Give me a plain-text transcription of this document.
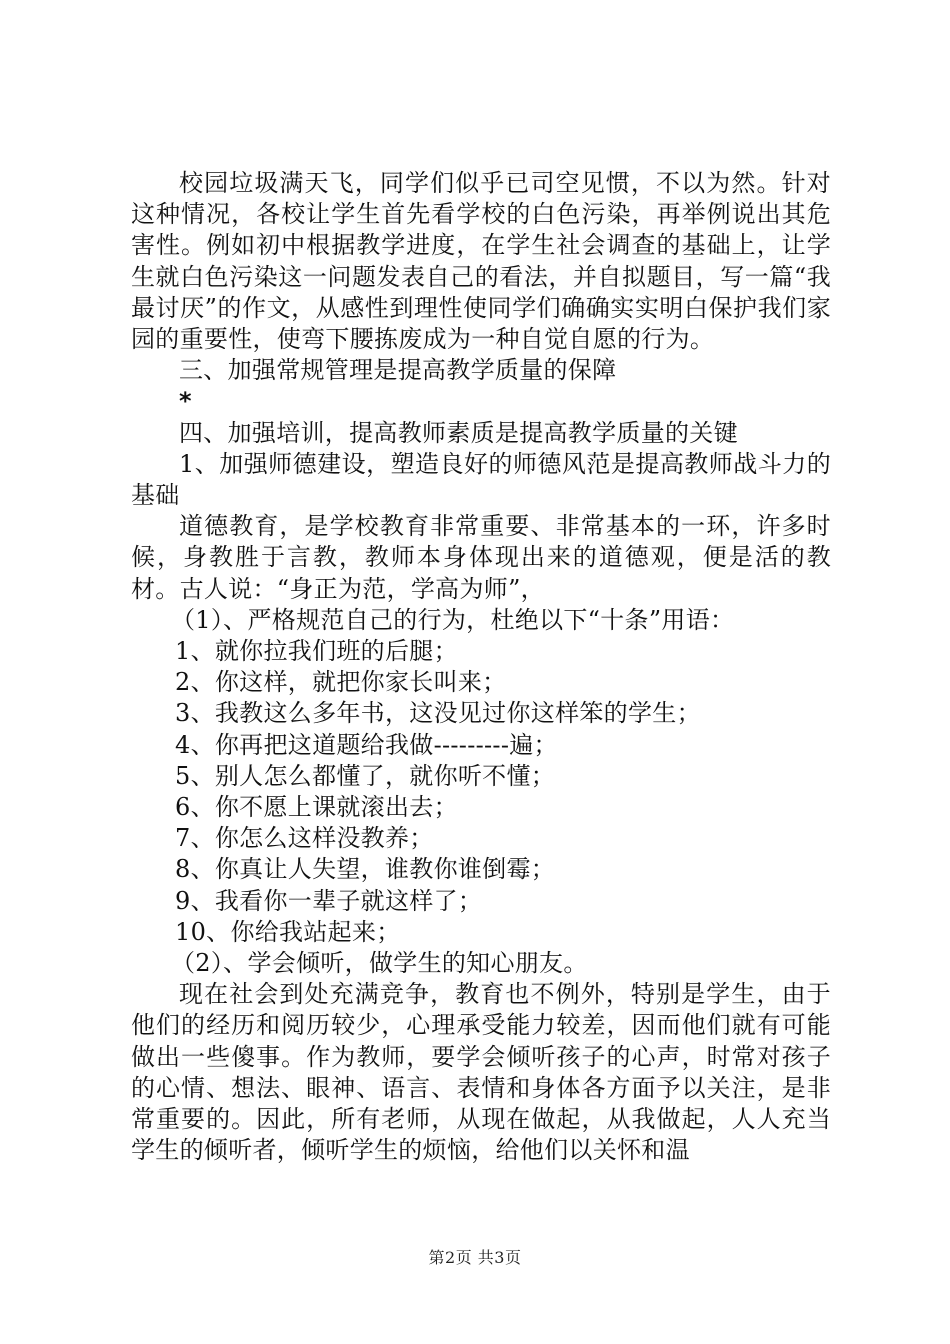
校园垃圾满天飞，同学们似乎已司空见惯，不以为然。针对这种情况，各校让学生首先看学校的白色污染，再举例说出其危害性。例如初中根据教学进度，在学生社会调查的基础上，让学生就白色污染这一问题发表自己的看法，并自拟题目，写一篇“我最讨厌”的作文，从感性到理性使同学们确确实实明白保护我们家园的重要性，使弯下腰拣废成为一种自觉自愿的行为。

三、加强常规管理是提高教学质量的保障

*

四、加强培训，提高教师素质是提高教学质量的关键

1、加强师德建设，塑造良好的师德风范是提高教师战斗力的基础

道德教育，是学校教育非常重要、非常基本的一环，许多时候，身教胜于言教，教师本身体现出来的道德观，便是活的教材。古人说：“身正为范，学高为师”，

（1）、严格规范自己的行为，杜绝以下“十条”用语：

1、就你拉我们班的后腿；

2、你这样，就把你家长叫来；

3、我教这么多年书，这没见过你这样笨的学生；

4、你再把这道题给我做---------遍；

5、别人怎么都懂了，就你听不懂；

6、你不愿上课就滚出去；

7、你怎么这样没教养；

8、你真让人失望，谁教你谁倒霉；

9、我看你一辈子就这样了；

10、你给我站起来；

（2）、学会倾听，做学生的知心朋友。

现在社会到处充满竞争，教育也不例外，特别是学生，由于他们的经历和阅历较少，心理承受能力较差，因而他们就有可能做出一些傻事。作为教师，要学会倾听孩子的心声，时常对孩子的心情、想法、眼神、语言、表情和身体各方面予以关注，是非常重要的。因此，所有老师，从现在做起，从我做起，人人充当学生的倾听者，倾听学生的烦恼，给他们以关怀和温

第2页 共3页
